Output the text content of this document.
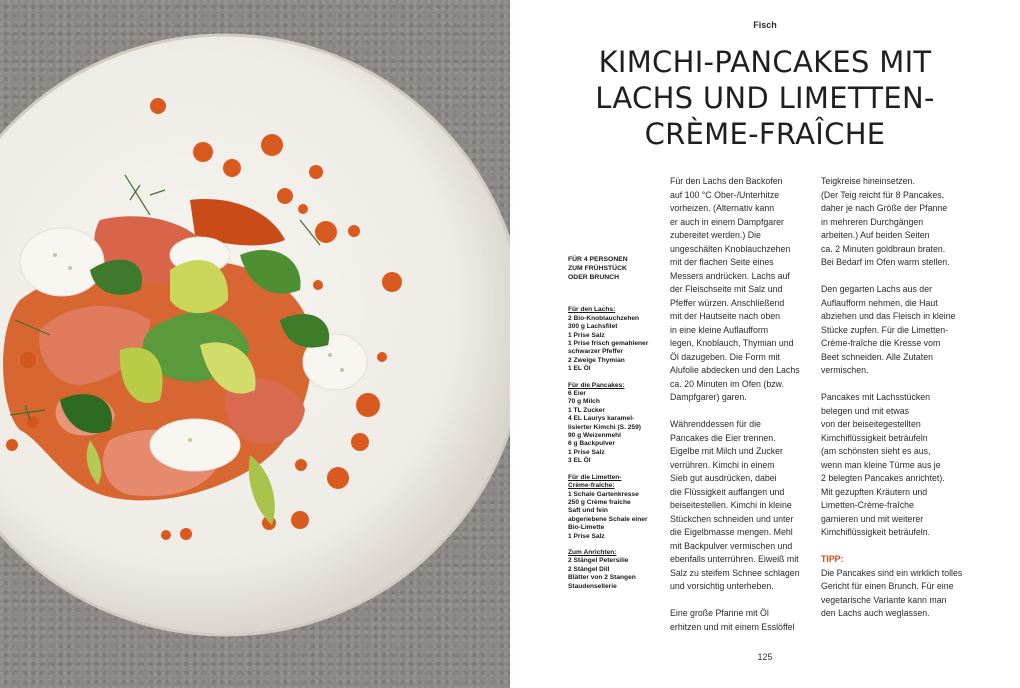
Fisch
KIMCHI-PANCAKES MIT
LACHS UND LIMETTEN-
CRÈME-FRAÎCHE
FÜR 4 PERSONEN
ZUM FRÜHSTÜCK
ODER BRUNCH
Für den Lachs:
2 Bio-Knoblauchzehen
300 g Lachsfilet
1 Prise Salz
1 Prise frisch gemahlener
schwarzer Pfeffer
2 Zweige Thymian
1 EL Öl
Für die Pancakes:
6 Eier
70 g Milch
1 TL Zucker
4 EL Laurys karamel-
lisierter Kimchi (S. 259)
90 g Weizenmehl
6 g Backpulver
1 Prise Salz
3 EL Öl
Für die Limetten-
Crème-fraîche:
1 Schale Gartenkresse
250 g Crème fraîche
Saft und fein
abgeriebene Schale einer
Bio-Limette
1 Prise Salz
Zum Anrichten:
2 Stängel Petersilie
2 Stängel Dill
Blätter von 2 Stangen
Staudensellerie
Für den Lachs den Backofen
auf 100 °C Ober-/Unterhitze
vorheizen. (Alternativ kann
er auch in einem Dampfgarer
zubereitet werden.) Die
ungeschälten Knoblauchzehen
mit der flachen Seite eines
Messers andrücken. Lachs auf
der Fleischseite mit Salz und
Pfeffer würzen. Anschließend
mit der Hautseite nach oben
in eine kleine Auflaufform
legen, Knoblauch, Thymian und
Öl dazugeben. Die Form mit
Alufolie abdecken und den Lachs
ca. 20 Minuten im Ofen (bzw.
Dampfgarer) garen.
Währenddessen für die
Pancakes die Eier trennen.
Eigelbe mit Milch und Zucker
verrühren. Kimchi in einem
Sieb gut ausdrücken, dabei
die Flüssigkeit auffangen und
beiseitestellen. Kimchi in kleine
Stückchen schneiden und unter
die Eigelbmasse mengen. Mehl
mit Backpulver vermischen und
ebenfalls unterrühren. Eiweiß mit
Salz zu steifem Schnee schlagen
und vorsichtig unterheben.
Eine große Pfanne mit Öl
erhitzen und mit einem Esslöffel
Teigkreise hineinsetzen.
(Der Teig reicht für 8 Pancakes,
daher je nach Größe der Pfanne
in mehreren Durchgängen
arbeiten.) Auf beiden Seiten
ca. 2 Minuten goldbraun braten.
Bei Bedarf im Ofen warm stellen.
Den gegarten Lachs aus der
Auflaufform nehmen, die Haut
abziehen und das Fleisch in kleine
Stücke zupfen. Für die Limetten-
Crème-fraîche die Kresse vom
Beet schneiden. Alle Zutaten
vermischen.
Pancakes mit Lachsstücken
belegen und mit etwas
von der beiseitegestellten
Kimchiflüssigkeit beträufeln
(am schönsten sieht es aus,
wenn man kleine Türme aus je
2 belegten Pancakes anrichtet).
Mit gezupften Kräutern und
Limetten-Crème-fraîche
garnieren und mit weiterer
Kimchiflüssigkeit beträufeln.
TIPP:
Die Pancakes sind ein wirklich tolles
Gericht für einen Brunch. Für eine
vegetarische Variante kann man
den Lachs auch weglassen.
125
